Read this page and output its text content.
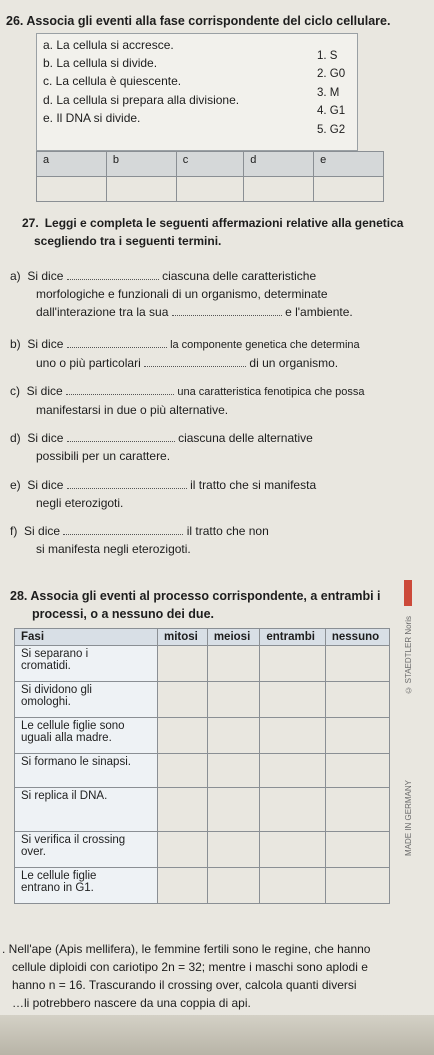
26. Associa gli eventi alla fase corrispondente del ciclo cellulare.
a. La cellula si accresce.
b. La cellula si divide.
c. La cellula è quiescente.
d. La cellula si prepara alla divisione.
e. Il DNA si divide.
1. S
2. G0
3. M
4. G1
5. G2
a	b	c	d	e

27. Leggi e completa le seguenti affermazioni relative alla genetica
scegliendo tra i seguenti termini.
a) Si dice	ciascuna delle caratteristiche
morfologiche e funzionali di un organismo, determinate
dall'interazione tra la sua	e l'ambiente.
b) Si dice	la componente genetica che determina
uno o più particolari	di un organismo.
c) Si dice	una caratteristica fenotipica che possa
manifestarsi in due o più alternative.
d) Si dice	ciascuna delle alternative
possibili per un carattere.
e) Si dice	il tratto che si manifesta
negli eterozigoti.
f) Si dice	il tratto che non
si manifesta negli eterozigoti.
28. Associa gli eventi al processo corrispondente, a entrambi i
processi, o a nessuno dei due.
Fasi	mitosi	meiosi	entrambi	nessuno

Si separano i
cromatidi.				

Si dividono gli
omologhi.				

Le cellule figlie sono
uguali alla madre.				

Si formano le sinapsi.				

Si replica il DNA.				

Si verifica il crossing
over.				

Le cellule figlie
entrano in G1.				

. Nell'ape (Apis mellifera), le femmine fertili sono le regine, che hanno
cellule diploidi con cariotipo 2n = 32; mentre i maschi sono aplodi e
hanno n = 16. Trascurando il crossing over, calcola quanti diversi
…li potrebbero nascere da una coppia di api.
© STAEDTLER Noris
MADE IN GERMANY
